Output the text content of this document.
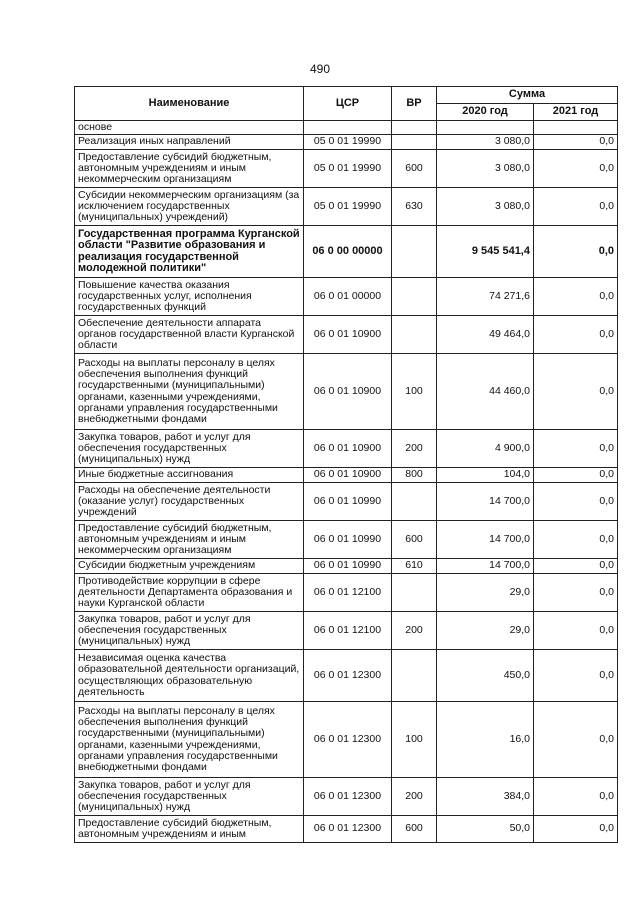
490
Наименование	ЦСР	ВР	Сумма	
			2020 год	2021 год
основе				
Реализация иных направлений	05 0 01 19990		3 080,0	0,0
Предоставление субсидий бюджетным, автономным учреждениям и иным некоммерческим организациям	05 0 01 19990	600	3 080,0	0,0
Субсидии некоммерческим организациям (за исключением государственных (муниципальных) учреждений)	05 0 01 19990	630	3 080,0	0,0
Государственная программа Курганской области "Развитие образования и реализация государственной молодежной политики"	06 0 00 00000		9 545 541,4	0,0
Повышение качества оказания государственных услуг, исполнения государственных функций	06 0 01 00000		74 271,6	0,0
Обеспечение деятельности аппарата органов государственной власти Курганской области	06 0 01 10900		49 464,0	0,0
Расходы на выплаты персоналу в целях обеспечения выполнения функций государственными (муниципальными) органами, казенными учреждениями, органами управления государственными внебюджетными фондами	06 0 01 10900	100	44 460,0	0,0
Закупка товаров, работ и услуг для обеспечения государственных (муниципальных) нужд	06 0 01 10900	200	4 900,0	0,0
Иные бюджетные ассигнования	06 0 01 10900	800	104,0	0,0
Расходы на обеспечение деятельности (оказание услуг) государственных учреждений	06 0 01 10990		14 700,0	0,0
Предоставление субсидий бюджетным, автономным учреждениям и иным некоммерческим организациям	06 0 01 10990	600	14 700,0	0,0
Субсидии бюджетным учреждениям	06 0 01 10990	610	14 700,0	0,0
Противодействие коррупции в сфере деятельности Департамента образования и науки Курганской области	06 0 01 12100		29,0	0,0
Закупка товаров, работ и услуг для обеспечения государственных (муниципальных) нужд	06 0 01 12100	200	29,0	0,0
Независимая оценка качества образовательной деятельности организаций, осуществляющих образовательную деятельность	06 0 01 12300		450,0	0,0
Расходы на выплаты персоналу в целях обеспечения выполнения функций государственными (муниципальными) органами, казенными учреждениями, органами управления государственными внебюджетными фондами	06 0 01 12300	100	16,0	0,0
Закупка товаров, работ и услуг для обеспечения государственных (муниципальных) нужд	06 0 01 12300	200	384,0	0,0
Предоставление субсидий бюджетным, автономным учреждениям и иным	06 0 01 12300	600	50,0	0,0
